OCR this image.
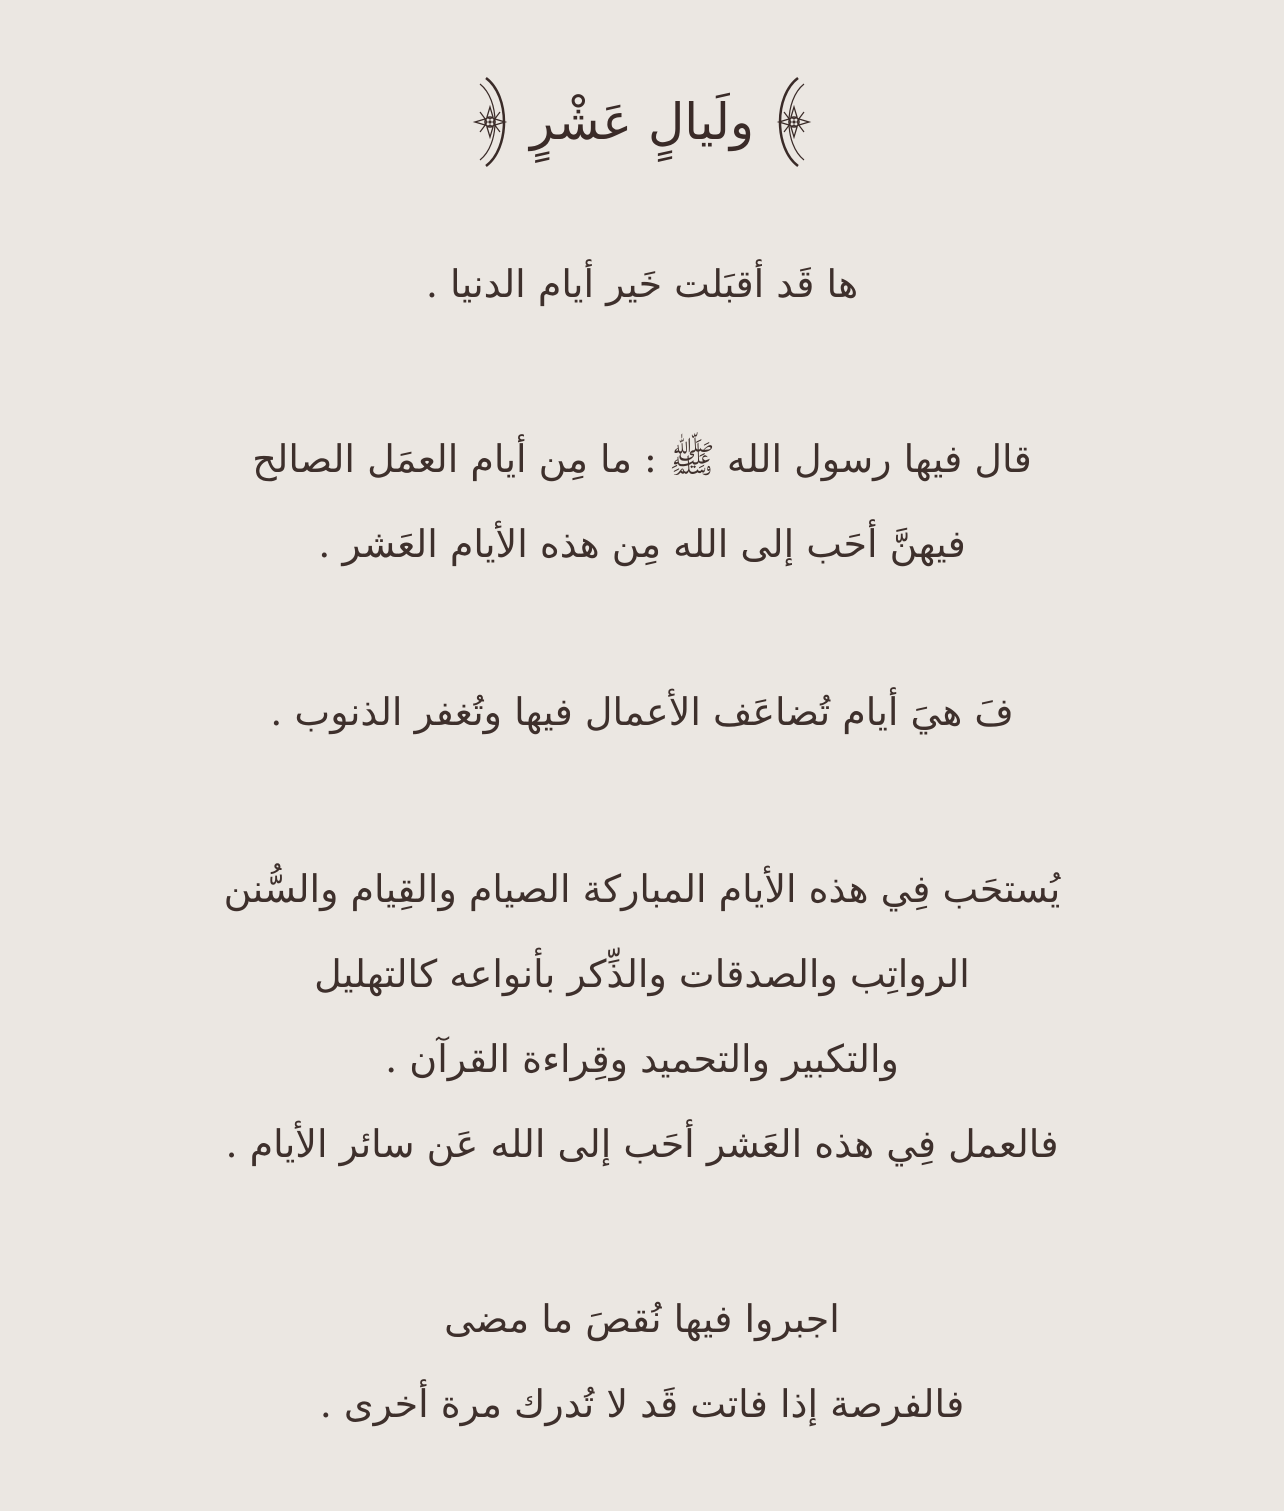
ولَيالٍ عَشْرٍ
ها قَد أقبَلت خَير أيام الدنيا .
قال فيها رسول الله ﷺ : ما مِن أيام العمَل الصالح
فيهنَّ أحَب إلى الله مِن هذه الأيام العَشر .
فَ هيَ أيام تُضاعَف الأعمال فيها وتُغفر الذنوب .
يُستحَب فِي هذه الأيام المباركة الصيام والقِيام والسُّنن
الرواتِب والصدقات والذِّكر بأنواعه كالتهليل
والتكبير والتحميد وقِراءة القرآن .
فالعمل فِي هذه العَشر أحَب إلى الله عَن سائر الأيام .
اجبروا فيها نُقصَ ما مضى
فالفرصة إذا فاتت قَد لا تُدرك مرة أخرى .
